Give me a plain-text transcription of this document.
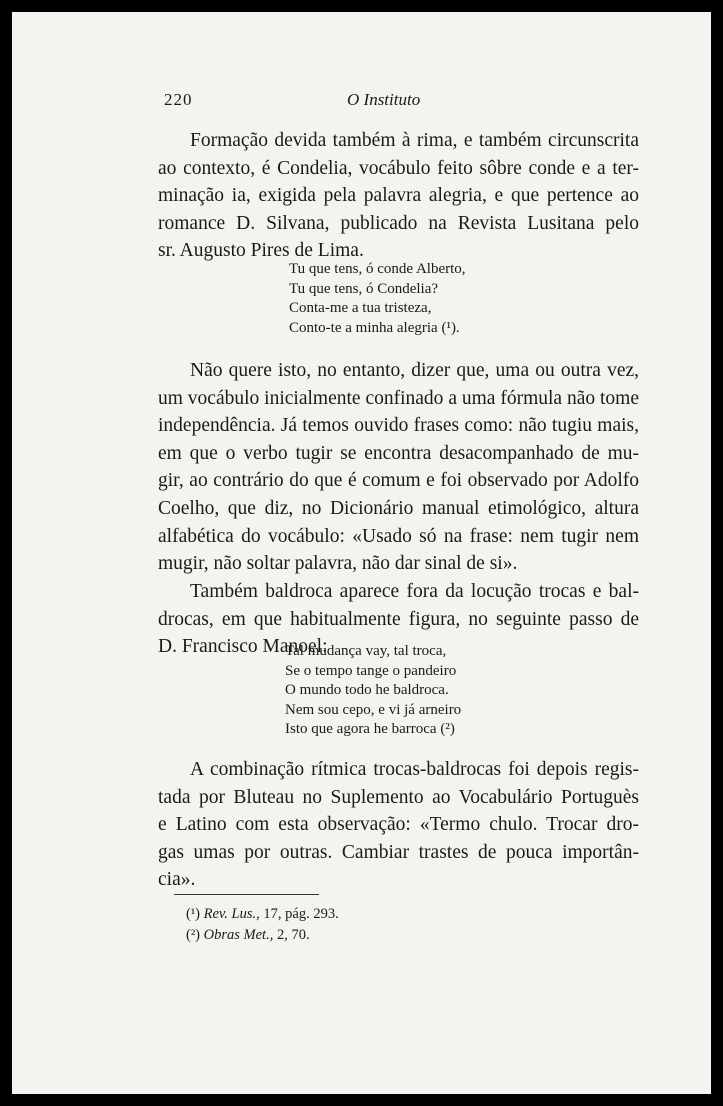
220	O Instituto
Formação devida também à rima, e também circunscrita
ao contexto, é Condelia, vocábulo feito sôbre conde e a ter-
minação ia, exigida pela palavra alegria, e que pertence ao
romance D. Silvana, publicado na Revista Lusitana pelo
sr. Augusto Pires de Lima.
Tu que tens, ó conde Alberto,
Tu que tens, ó Condelia?
Conta-me a tua tristeza,
Conto-te a minha alegria (¹).
Não quere isto, no entanto, dizer que, uma ou outra vez,
um vocábulo inicialmente confinado a uma fórmula não tome
independência. Já temos ouvido frases como: não tugiu mais,
em que o verbo tugir se encontra desacompanhado de mu-
gir, ao contrário do que é comum e foi observado por Adolfo
Coelho, que diz, no Dicionário manual etimológico, altura
alfabética do vocábulo: «Usado só na frase: nem tugir nem
mugir, não soltar palavra, não dar sinal de si».
Também baldroca aparece fora da locução trocas e bal-
drocas, em que habitualmente figura, no seguinte passo de
D. Francisco Manoel:
Tal mudança vay, tal troca,
Se o tempo tange o pandeiro
O mundo todo he baldroca.
Nem sou cepo, e vi já arneiro
Isto que agora he barroca (²)
A combinação rítmica trocas-baldrocas foi depois regis-
tada por Bluteau no Suplemento ao Vocabulário Portuguès
e Latino com esta observação: «Termo chulo. Trocar dro-
gas umas por outras. Cambiar trastes de pouca importân-
cia».
(¹) Rev. Lus., 17, pág. 293.
(²) Obras Met., 2, 70.
